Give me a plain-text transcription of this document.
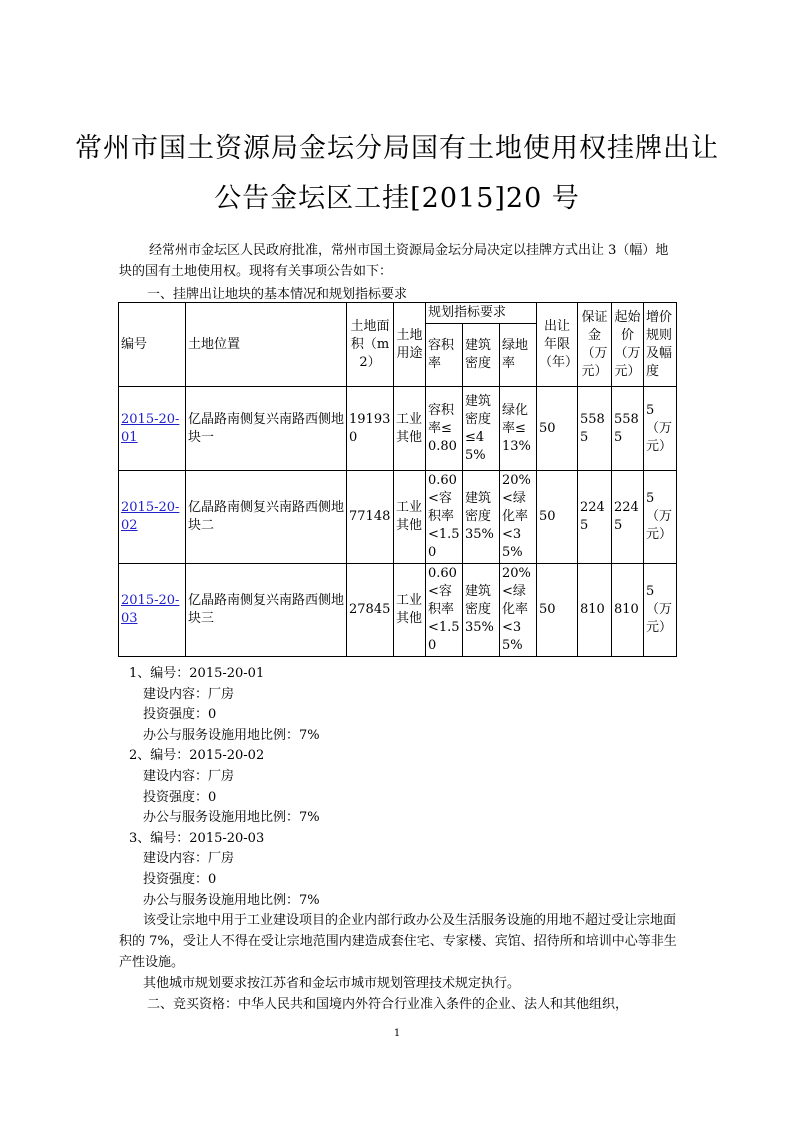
常州市国土资源局金坛分局国有土地使用权挂牌出让
公告金坛区工挂[2015]20 号
经常州市金坛区人民政府批准，常州市国土资源局金坛分局决定以挂牌方式出让 3（幅）地块的国有土地使用权。现将有关事项公告如下：
一、挂牌出让地块的基本情况和规划指标要求
编号	土地位置	土地面积（m2）	土地用途	规划指标要求			出让年限（年）	保证金（万元）	起始价（万元）	增价规则及幅度
				容积率	建筑密度	绿地率				
2015-20-01	亿晶路南侧复兴南路西侧地块一	191930	工业其他	容积率≤0.80	建筑密度≤45%	绿化率≤13%	50	5585	5585	5（万元）
2015-20-02	亿晶路南侧复兴南路西侧地块二	77148	工业其他	0.60<容积率<1.50	建筑密度35%	20%<绿化率<35%	50	2245	2245	5（万元）
2015-20-03	亿晶路南侧复兴南路西侧地块三	27845	工业其他	0.60<容积率<1.50	建筑密度35%	20%<绿化率<35%	50	810	810	5（万元）
1、编号：2015-20-01
建设内容：厂房
投资强度：0
办公与服务设施用地比例：7%
2、编号：2015-20-02
建设内容：厂房
投资强度：0
办公与服务设施用地比例：7%
3、编号：2015-20-03
建设内容：厂房
投资强度：0
办公与服务设施用地比例：7%
该受让宗地中用于工业建设项目的企业内部行政办公及生活服务设施的用地不超过受让宗地面积的 7%，受让人不得在受让宗地范围内建造成套住宅、专家楼、宾馆、招待所和培训中心等非生产性设施。
其他城市规划要求按江苏省和金坛市城市规划管理技术规定执行。
二、竞买资格：中华人民共和国境内外符合行业准入条件的企业、法人和其他组织，
1
